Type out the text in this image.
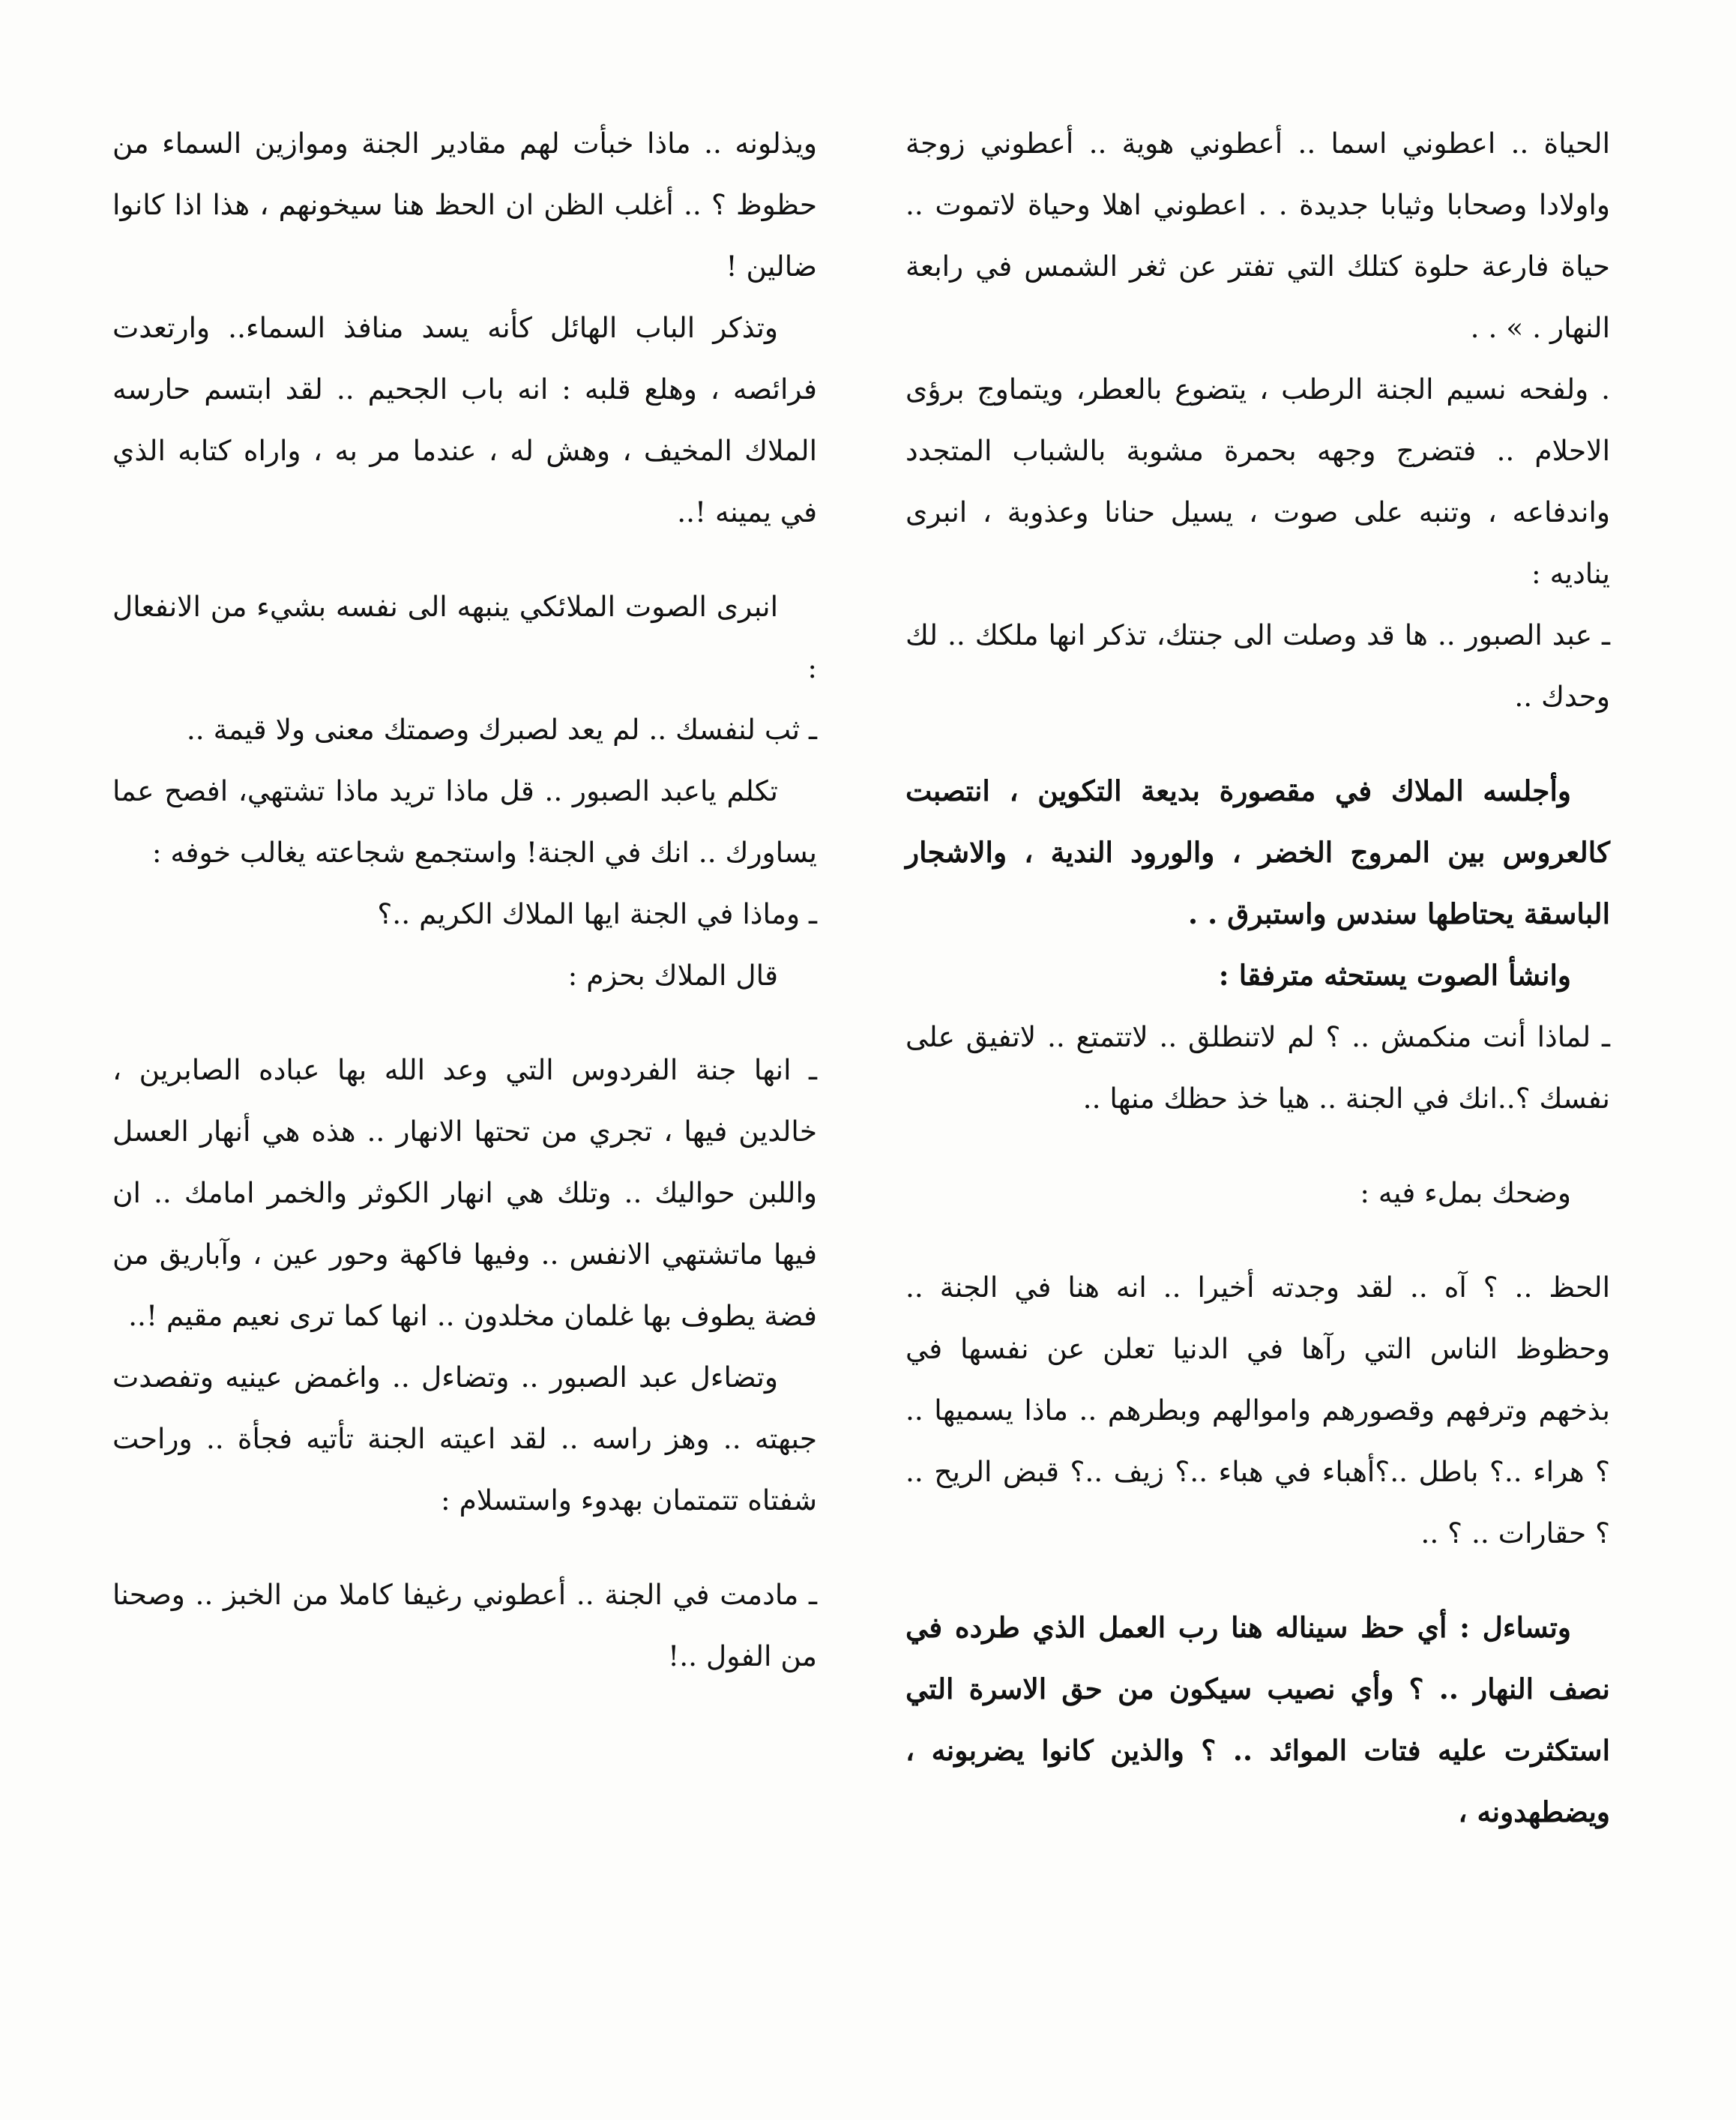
الحياة .. اعطوني اسما .. أعطوني هوية .. أعطوني زوجة واولادا وصحابا وثيابا جديدة . . اعطوني اهلا وحياة لاتموت .. حياة فارعة حلوة كتلك التي تفتر عن ثغر الشمس في رابعة النهار . » . .

. ولفحه نسيم الجنة الرطب ، يتضوع بالعطر، ويتماوج برؤى الاحلام .. فتضرج وجهه بحمرة مشوبة بالشباب المتجدد واندفاعه ، وتنبه على صوت ، يسيل حنانا وعذوبة ، انبرى يناديه :

ـ عبد الصبور .. ها قد وصلت الى جنتك، تذكر انها ملكك .. لك وحدك ..

وأجلسه الملاك في مقصورة بديعة التكوين ، انتصبت كالعروس بين المروج الخضر ، والورود الندية ، والاشجار الباسقة يحتاطها سندس واستبرق . .

وانشأ الصوت يستحثه مترفقا :

ـ لماذا أنت منكمش .. ؟ لم لاتنطلق .. لاتتمتع .. لاتفيق على نفسك ؟..انك في الجنة .. هيا خذ حظك منها ..

وضحك بملء فيه :

الحظ .. ؟ آه .. لقد وجدته أخيرا .. انه هنا في الجنة .. وحظوظ الناس التي رآها في الدنيا تعلن عن نفسها في بذخهم وترفهم وقصورهم واموالهم وبطرهم .. ماذا يسميها .. ؟ هراء ..؟ باطل ..؟أهباء في هباء ..؟ زيف ..؟ قبض الريح .. ؟ حقارات .. ؟ ..

وتساءل : أي حظ سيناله هنا رب العمل الذي طرده في نصف النهار .. ؟ وأي نصيب سيكون من حق الاسرة التي استكثرت عليه فتات الموائد .. ؟ والذين كانوا يضربونه ، ويضطهدونه ،

ويذلونه .. ماذا خبأت لهم مقادير الجنة وموازين السماء من حظوظ ؟ .. أغلب الظن ان الحظ هنا سيخونهم ، هذا اذا كانوا ضالين !

وتذكر الباب الهائل كأنه يسد منافذ السماء.. وارتعدت فرائصه ، وهلع قلبه : انه باب الجحيم .. لقد ابتسم حارسه الملاك المخيف ، وهش له ، عندما مر به ، واراه كتابه الذي في يمينه !..

انبرى الصوت الملائكي ينبهه الى نفسه بشيء من الانفعال :

ـ ثب لنفسك .. لم يعد لصبرك وصمتك معنى ولا قيمة ..

تكلم ياعبد الصبور .. قل ماذا تريد ماذا تشتهي، افصح عما يساورك .. انك في الجنة! واستجمع شجاعته يغالب خوفه :

ـ وماذا في الجنة ايها الملاك الكريم ..؟

قال الملاك بحزم :

ـ انها جنة الفردوس التي وعد الله بها عباده الصابرين ، خالدين فيها ، تجري من تحتها الانهار .. هذه هي أنهار العسل واللبن حواليك .. وتلك هي انهار الكوثر والخمر امامك .. ان فيها ماتشتهي الانفس .. وفيها فاكهة وحور عين ، وآباريق من فضة يطوف بها غلمان مخلدون .. انها كما ترى نعيم مقيم !..

وتضاءل عبد الصبور .. وتضاءل .. واغمض عينيه وتفصدت جبهته .. وهز راسه .. لقد اعيته الجنة تأتيه فجأة .. وراحت شفتاه تتمتمان بهدوء واستسلام :

ـ مادمت في الجنة .. أعطوني رغيفا كاملا من الخبز .. وصحنا من الفول ..!
